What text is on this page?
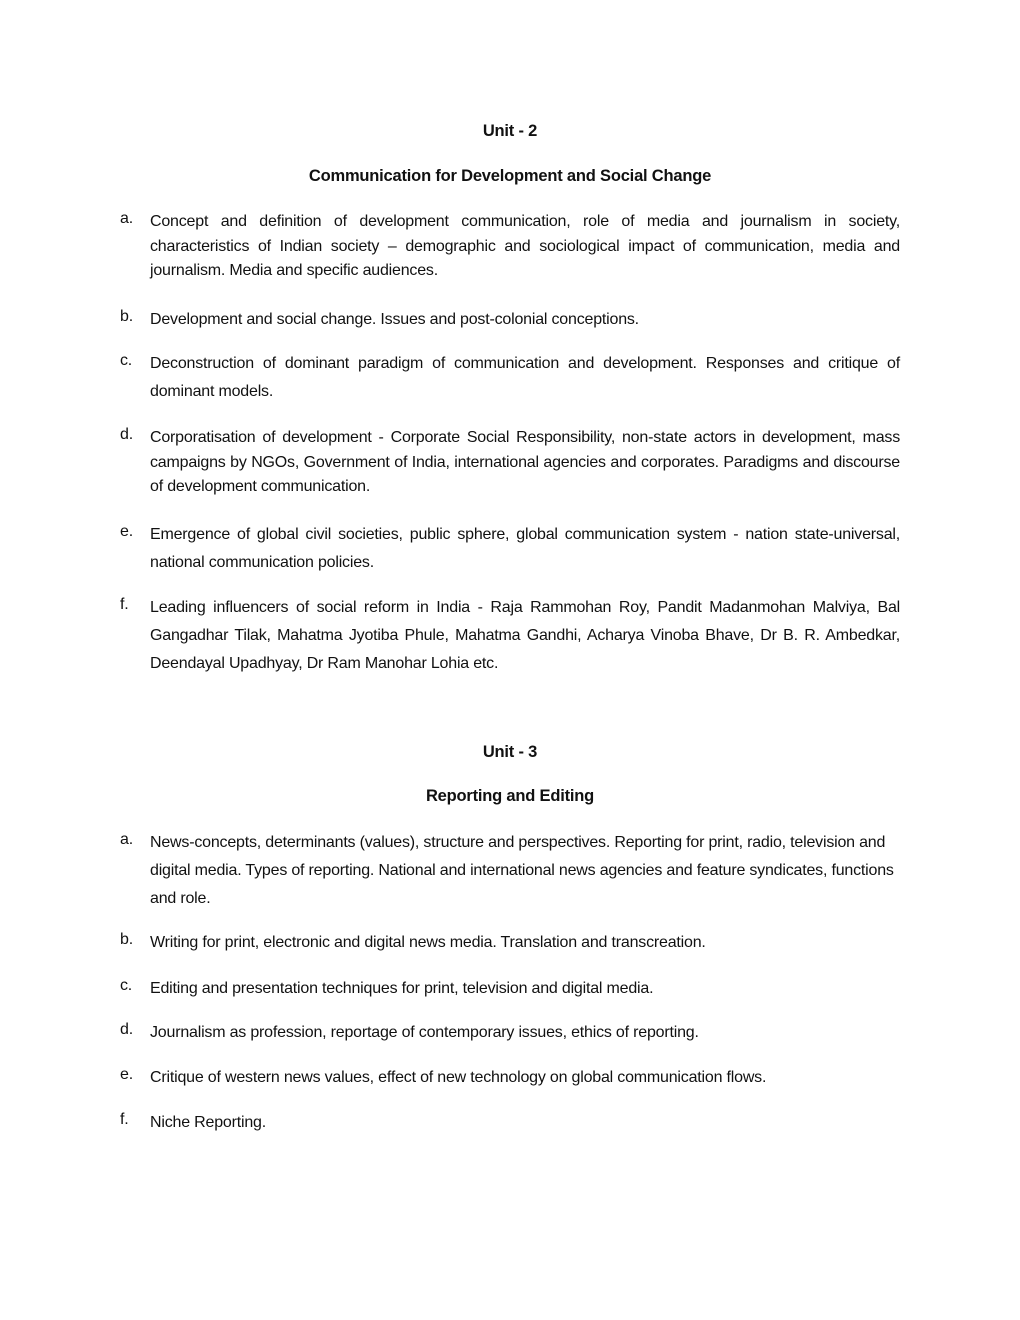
Unit - 2
Communication for Development and Social Change
a. Concept and definition of development communication, role of media and journalism in society, characteristics of Indian society – demographic and sociological impact of communication, media and journalism. Media and specific audiences.
b. Development and social change. Issues and post-colonial conceptions.
c. Deconstruction of dominant paradigm of communication and development. Responses and critique of dominant models.
d. Corporatisation of development - Corporate Social Responsibility, non-state actors in development, mass campaigns by NGOs, Government of India, international agencies and corporates. Paradigms and discourse of development communication.
e. Emergence of global civil societies, public sphere, global communication system - nation state-universal, national communication policies.
f. Leading influencers of social reform in India - Raja Rammohan Roy, Pandit Madanmohan Malviya, Bal Gangadhar Tilak, Mahatma Jyotiba Phule, Mahatma Gandhi, Acharya Vinoba Bhave, Dr B. R. Ambedkar, Deendayal Upadhyay, Dr Ram Manohar Lohia etc.
Unit - 3
Reporting and Editing
a. News-concepts, determinants (values), structure and perspectives. Reporting for print, radio, television and digital media. Types of reporting. National and international news agencies and feature syndicates, functions and role.
b. Writing for print, electronic and digital news media. Translation and transcreation.
c. Editing and presentation techniques for print, television and digital media.
d. Journalism as profession, reportage of contemporary issues, ethics of reporting.
e. Critique of western news values, effect of new technology on global communication flows.
f. Niche Reporting.
